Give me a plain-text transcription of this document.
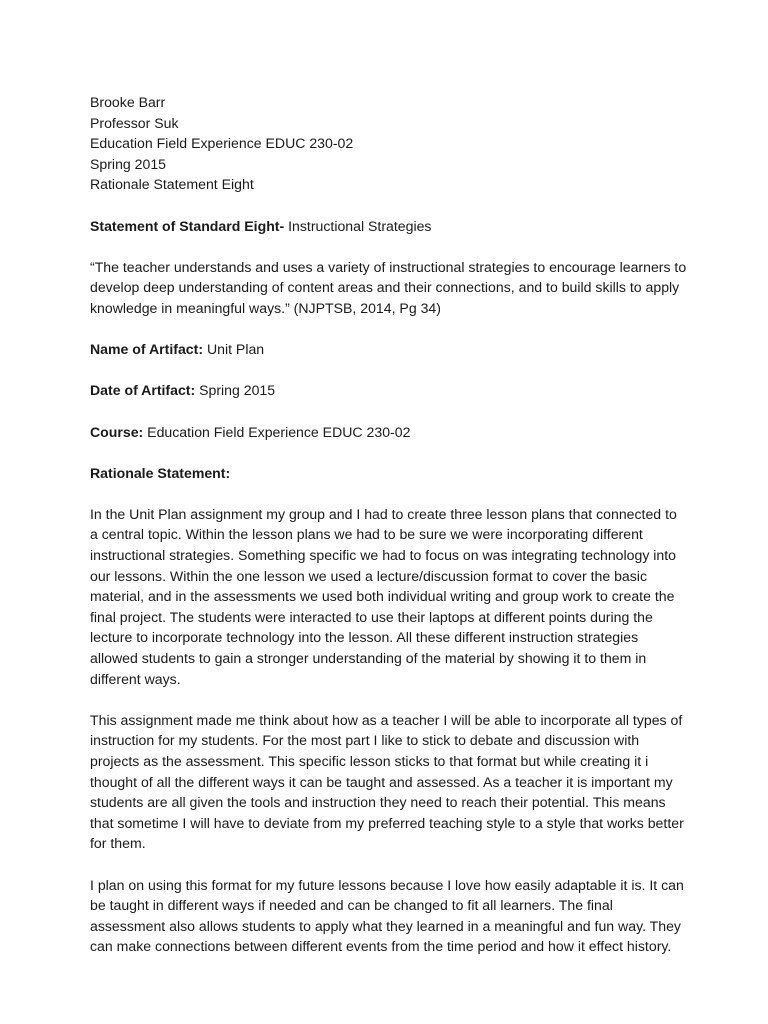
Brooke Barr
Professor Suk
Education Field Experience EDUC 230-02
Spring 2015
Rationale Statement Eight

Statement of Standard Eight- Instructional Strategies

“The teacher understands and uses a variety of instructional strategies to encourage learners to develop deep understanding of content areas and their connections, and to build skills to apply knowledge in meaningful ways.” (NJPTSB, 2014, Pg 34)

Name of Artifact: Unit Plan

Date of Artifact: Spring 2015

Course: Education Field Experience EDUC 230-02

Rationale Statement:

In the Unit Plan assignment my group and I had to create three lesson plans that connected to a central topic. Within the lesson plans we had to be sure we were incorporating different instructional strategies. Something specific we had to focus on was integrating technology into our lessons. Within the one lesson we used a lecture/discussion format to cover the basic material, and in the assessments we used both individual writing and group work to create the final project. The students were interacted to use their laptops at different points during the lecture to incorporate technology into the lesson. All these different instruction strategies allowed students to gain a stronger understanding of the material by showing it to them in different ways.

This assignment made me think about how as a teacher I will be able to incorporate all types of instruction for my students. For the most part I like to stick to debate and discussion with projects as the assessment. This specific lesson sticks to that format but while creating it i thought of all the different ways it can be taught and assessed. As a teacher it is important my students are all given the tools and instruction they need to reach their potential. This means that sometime I will have to deviate from my preferred teaching style to a style that works better for them.

I plan on using this format for my future lessons because I love how easily adaptable it is. It can be taught in different ways if needed and can be changed to fit all learners. The final assessment also allows students to apply what they learned in a meaningful and fun way. They can make connections between different events from the time period and how it effect history.
